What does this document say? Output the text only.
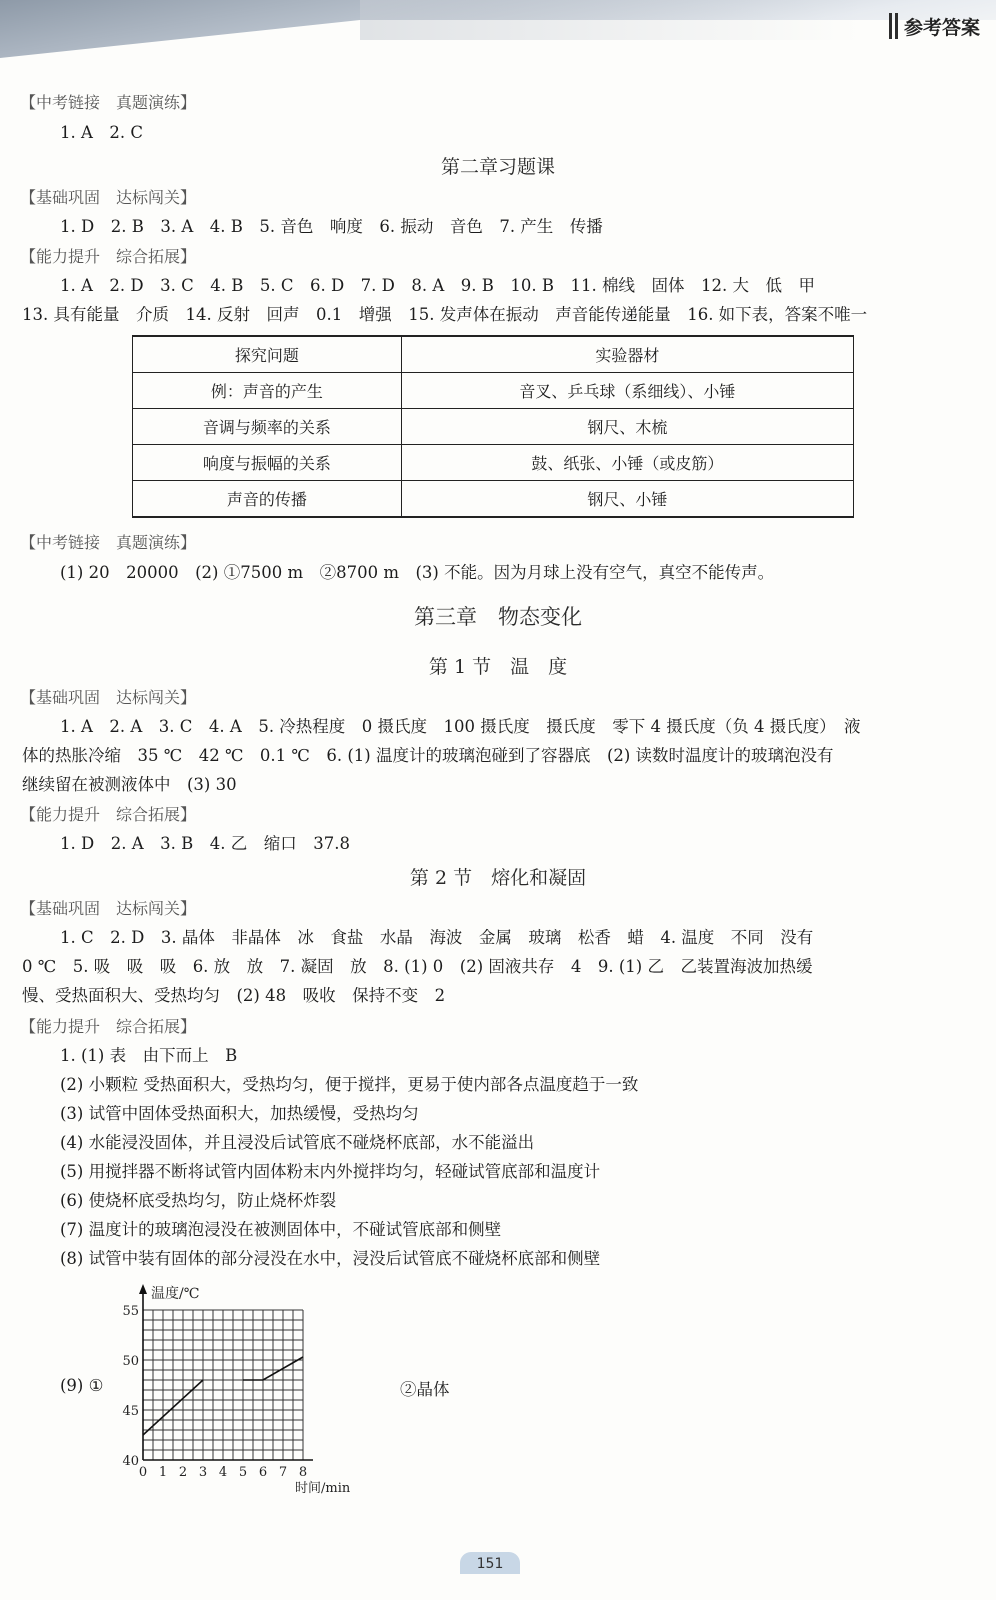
参考答案
【中考链接　真题演练】
1. A　2. C
第二章习题课
【基础巩固　达标闯关】
1. D　2. B　3. A　4. B　5. 音色　响度　6. 振动　音色　7. 产生　传播
【能力提升　综合拓展】
1. A　2. D　3. C　4. B　5. C　6. D　7. D　8. A　9. B　10. B　11. 棉线　固体　12. 大　低　甲
13. 具有能量　介质　14. 反射　回声　0.1　增强　15. 发声体在振动　声音能传递能量　16. 如下表，答案不唯一
探究问题	实验器材
例：声音的产生	音叉、乒乓球（系细线）、小锤
音调与频率的关系	钢尺、木梳
响度与振幅的关系	鼓、纸张、小锤（或皮筋）
声音的传播	钢尺、小锤
【中考链接　真题演练】
(1) 20　20000　(2) ①7500 m　②8700 m　(3) 不能。因为月球上没有空气，真空不能传声。
第三章　物态变化
第 1 节　温　度
【基础巩固　达标闯关】
1. A　2. A　3. C　4. A　5. 冷热程度　0 摄氏度　100 摄氏度　摄氏度　零下 4 摄氏度（负 4 摄氏度）　液
体的热胀冷缩　35 ℃　42 ℃　0.1 ℃　6. (1) 温度计的玻璃泡碰到了容器底　(2) 读数时温度计的玻璃泡没有
继续留在被测液体中　(3) 30
【能力提升　综合拓展】
1. D　2. A　3. B　4. 乙　缩口　37.8
第 2 节　熔化和凝固
【基础巩固　达标闯关】
1. C　2. D　3. 晶体　非晶体　冰　食盐　水晶　海波　金属　玻璃　松香　蜡　4. 温度　不同　没有
0 ℃　5. 吸　吸　吸　6. 放　放　7. 凝固　放　8. (1) 0　(2) 固液共存　4　9. (1) 乙　乙装置海波加热缓
慢、受热面积大、受热均匀　(2) 48　吸收　保持不变　2
【能力提升　综合拓展】
1. (1) 表　由下而上　B
(2) 小颗粒 受热面积大，受热均匀，便于搅拌，更易于使内部各点温度趋于一致
(3) 试管中固体受热面积大，加热缓慢，受热均匀
(4) 水能浸没固体，并且浸没后试管底不碰烧杯底部，水不能溢出
(5) 用搅拌器不断将试管内固体粉末内外搅拌均匀，轻碰试管底部和温度计
(6) 使烧杯底受热均匀，防止烧杯炸裂
(7) 温度计的玻璃泡浸没在被测固体中，不碰试管底部和侧壁
(8) 试管中装有固体的部分浸没在水中，浸没后试管底不碰烧杯底部和侧壁
(9) ①	②晶体
温度/℃
时间/min
40
45
50
55
0 1 2 3 4 5 6 7 8
151
